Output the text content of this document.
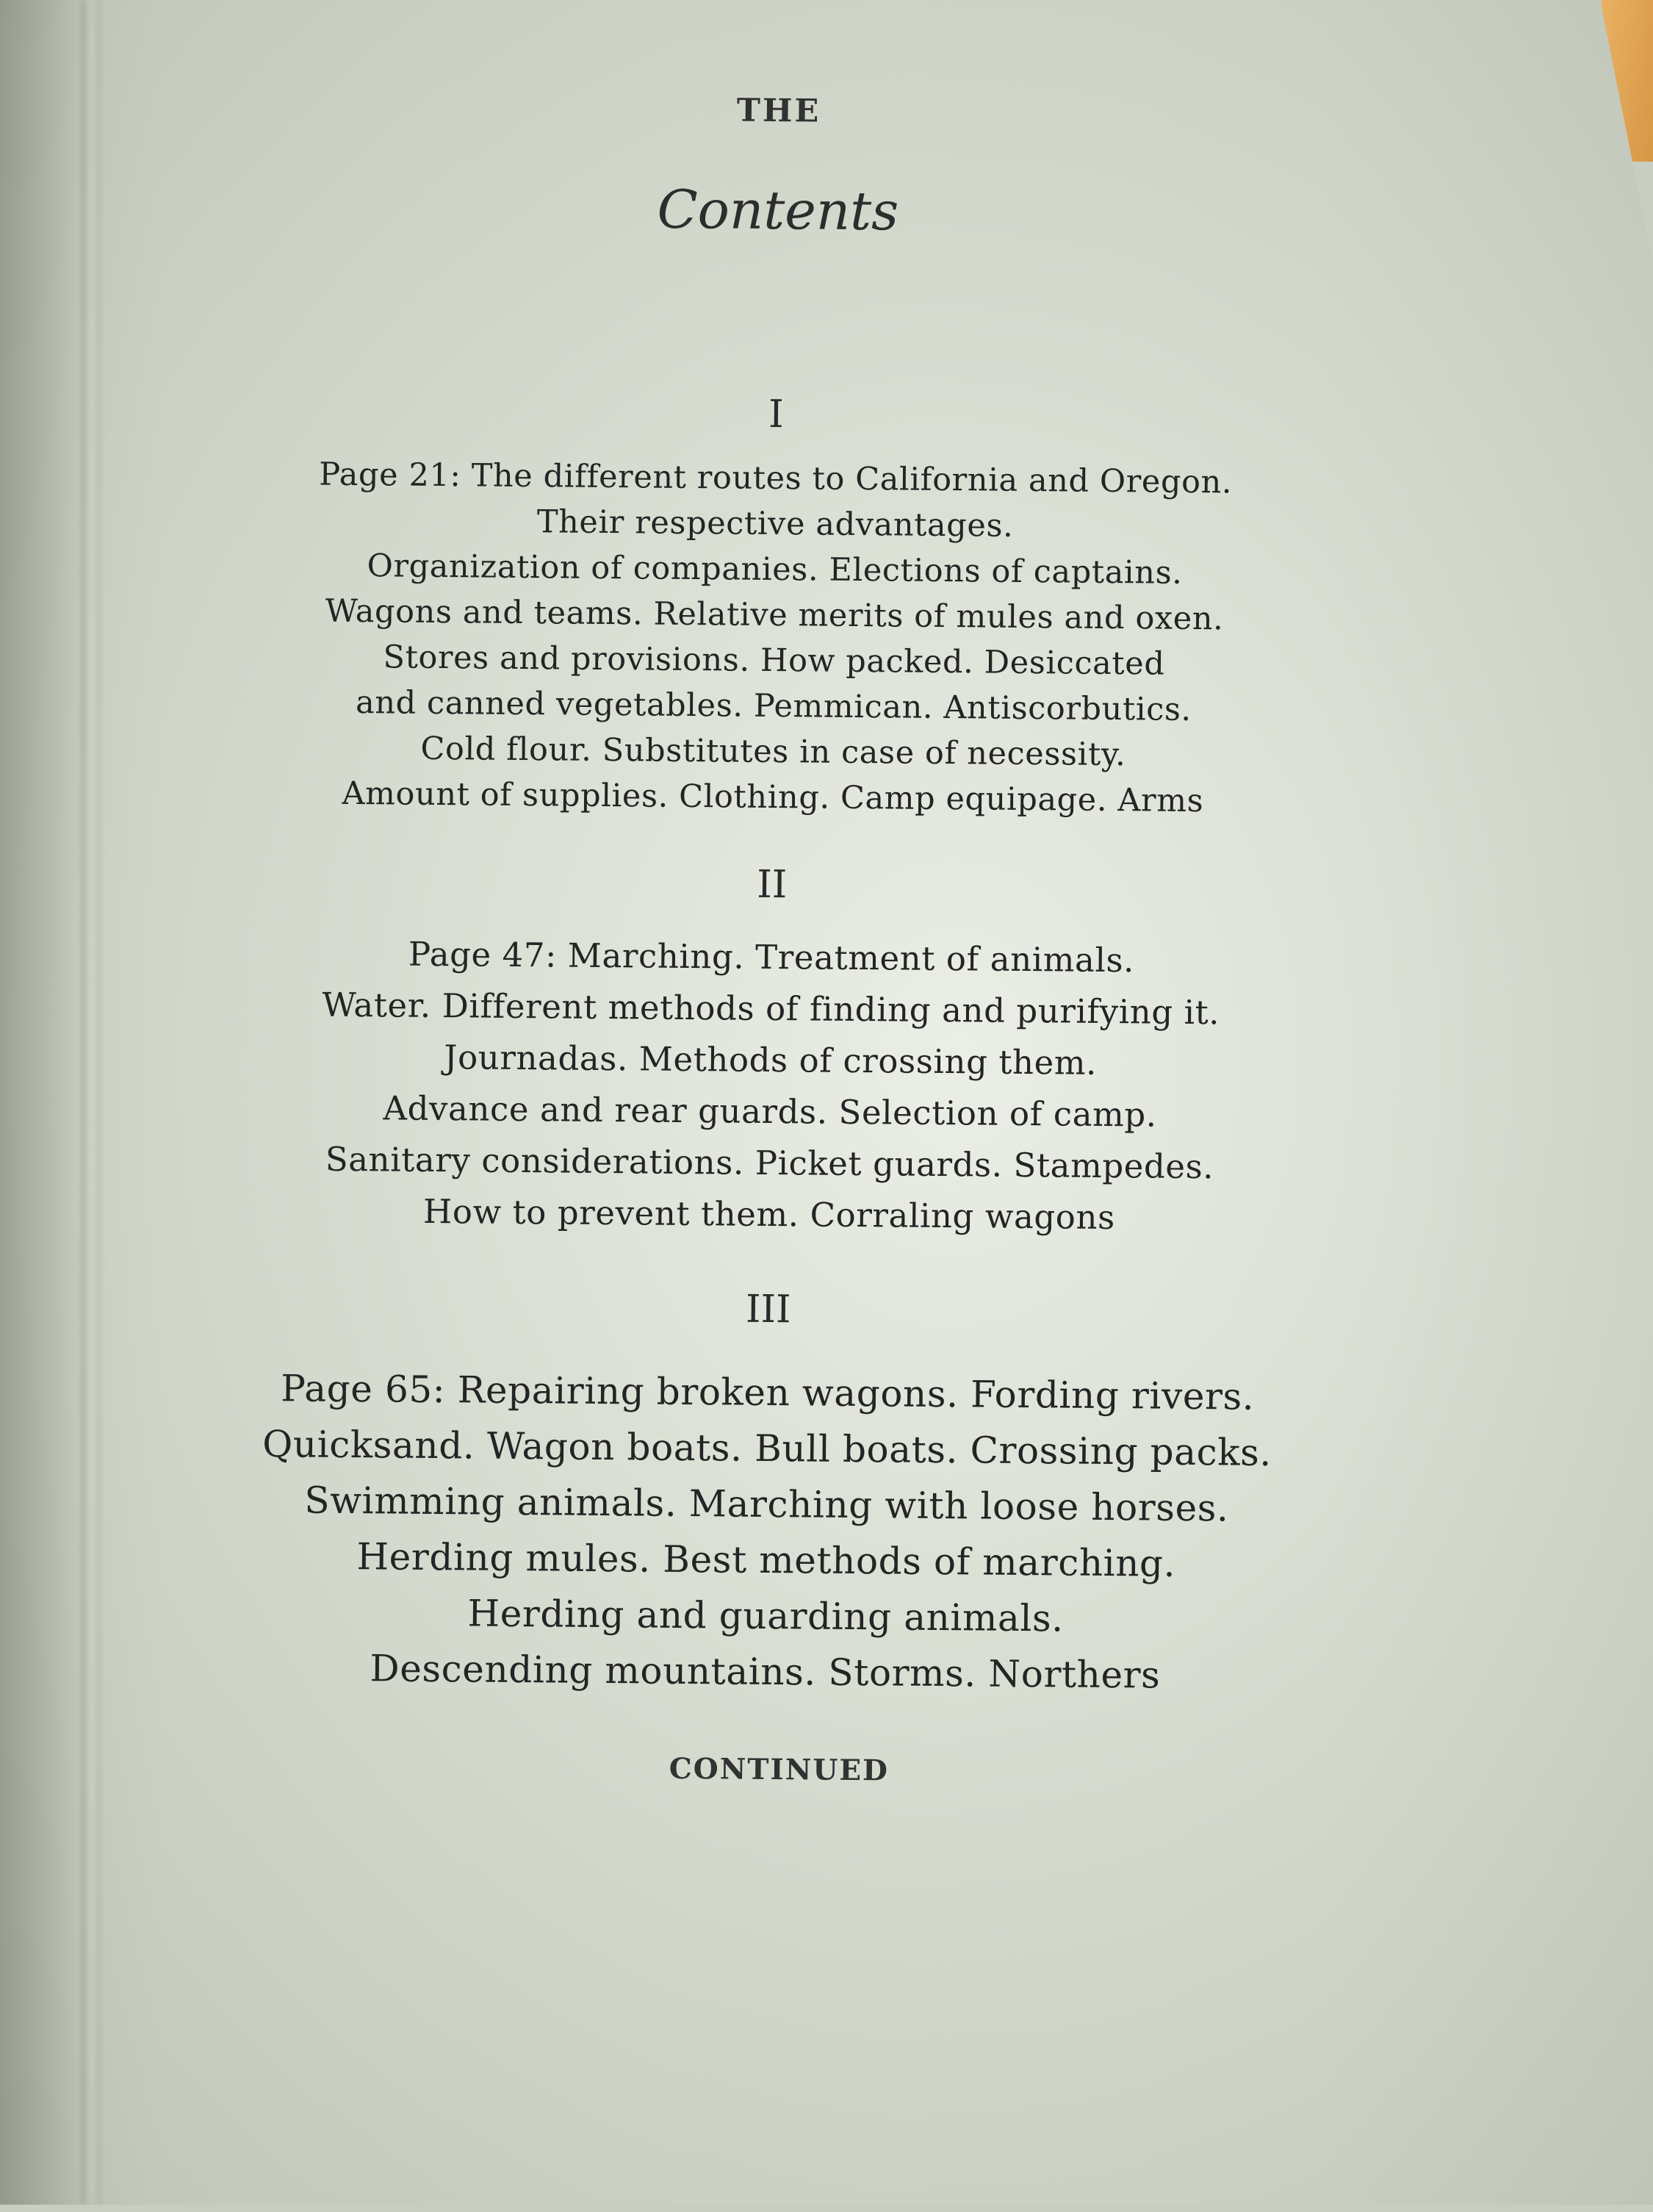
THE
Contents
I
Page 21: The different routes to California and Oregon.
Their respective advantages.
Organization of companies. Elections of captains.
Wagons and teams. Relative merits of mules and oxen.
Stores and provisions. How packed. Desiccated
and canned vegetables. Pemmican. Antiscorbutics.
Cold flour. Substitutes in case of necessity.
Amount of supplies. Clothing. Camp equipage. Arms
II
Page 47: Marching. Treatment of animals.
Water. Different methods of finding and purifying it.
Journadas. Methods of crossing them.
Advance and rear guards. Selection of camp.
Sanitary considerations. Picket guards. Stampedes.
How to prevent them. Corraling wagons
III
Page 65: Repairing broken wagons. Fording rivers.
Quicksand. Wagon boats. Bull boats. Crossing packs.
Swimming animals. Marching with loose horses.
Herding mules. Best methods of marching.
Herding and guarding animals.
Descending mountains. Storms. Northers
CONTINUED
